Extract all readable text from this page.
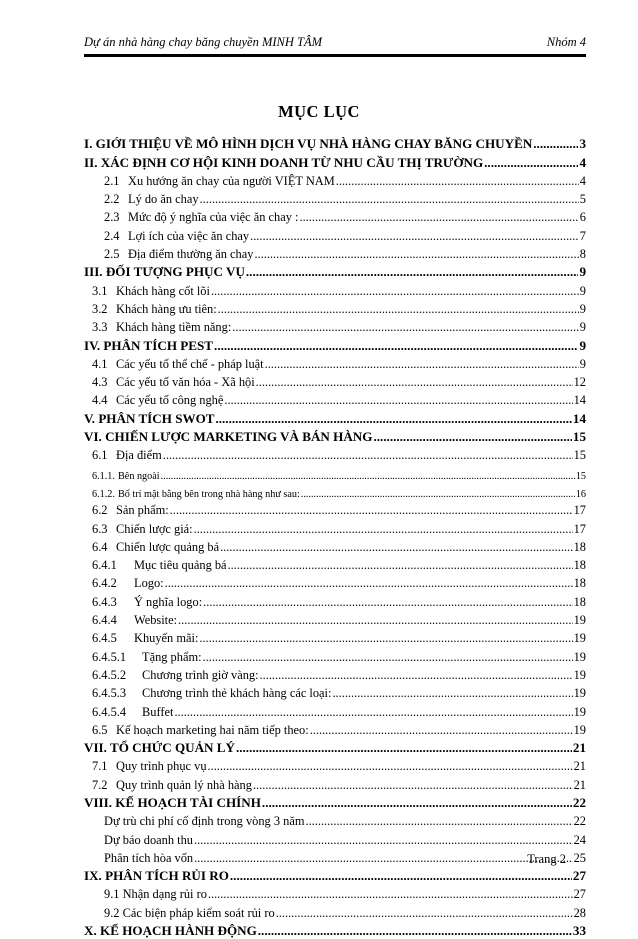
Dự án nhà hàng chay băng chuyền MINH TÂM	Nhóm 4
MỤC LỤC
I. GIỚI THIỆU VỀ MÔ HÌNH DỊCH VỤ NHÀ HÀNG CHAY BĂNG CHUYỀN .....	3
II. XÁC ĐỊNH CƠ HỘI KINH DOANH TỪ NHU CẦU THỊ TRƯỜNG .....	4
2.1 Xu hướng ăn chay của người VIỆT NAM .....	4
2.2 Lý do ăn chay .....	5
2.3 Mức độ ý nghĩa của việc ăn chay : .....	6
2.4 Lợi ích của việc ăn chay .....	7
2.5 Địa điểm thường ăn chay .....	8
III. ĐỐI TƯỢNG PHỤC VỤ .....	9
3.1 Khách hàng cốt lõi .....	9
3.2 Khách hàng ưu tiên: .....	9
3.3 Khách hàng tiềm năng: .....	9
IV. PHÂN TÍCH PEST .....	9
4.1 Các yếu tố thể chế - pháp luật .....	9
4.3 Các yếu tố văn hóa - Xã hội .....	12
4.4 Các yếu tố công nghệ .....	14
V. PHÂN TÍCH SWOT .....	14
VI. CHIẾN LƯỢC MARKETING VÀ BÁN HÀNG .....	15
6.1 Địa điểm .....	15
6.1.1. Bên ngoài .....	15
6.1.2. Bố trí mặt bằng bên trong nhà hàng như sau: .....	16
6.2 Sản phẩm: .....	17
6.3 Chiến lược giá: .....	17
6.4 Chiến lược quảng bá .....	18
6.4.1 Mục tiêu quảng bá .....	18
6.4.2 Logo: .....	18
6.4.3 Ý nghĩa logo: .....	18
6.4.4 Website: .....	19
6.4.5 Khuyến mãi: .....	19
6.4.5.1 Tặng phẩm: .....	19
6.4.5.2 Chương trình giờ vàng: .....	19
6.4.5.3 Chương trình thẻ khách hàng các loại: .....	19
6.4.5.4 Buffet .....	19
6.5 Kế hoạch marketing hai năm tiếp theo: .....	19
VII. TỔ CHỨC QUẢN LÝ .....	21
7.1 Quy trình phục vụ .....	21
7.2 Quy trình quản lý nhà hàng .....	21
VIII. KẾ HOẠCH TÀI CHÍNH .....	22
Dự trù chi phí cố định trong vòng 3 năm .....	22
Dự báo doanh thu .....	24
Phân tích hòa vốn .....	25
IX. PHÂN TÍCH RỦI RO .....	27
9.1 Nhận dạng rủi ro .....	27
9.2 Các biện pháp kiểm soát rủi ro .....	28
X. KẾ HOẠCH HÀNH ĐỘNG .....	33
Trang 2
